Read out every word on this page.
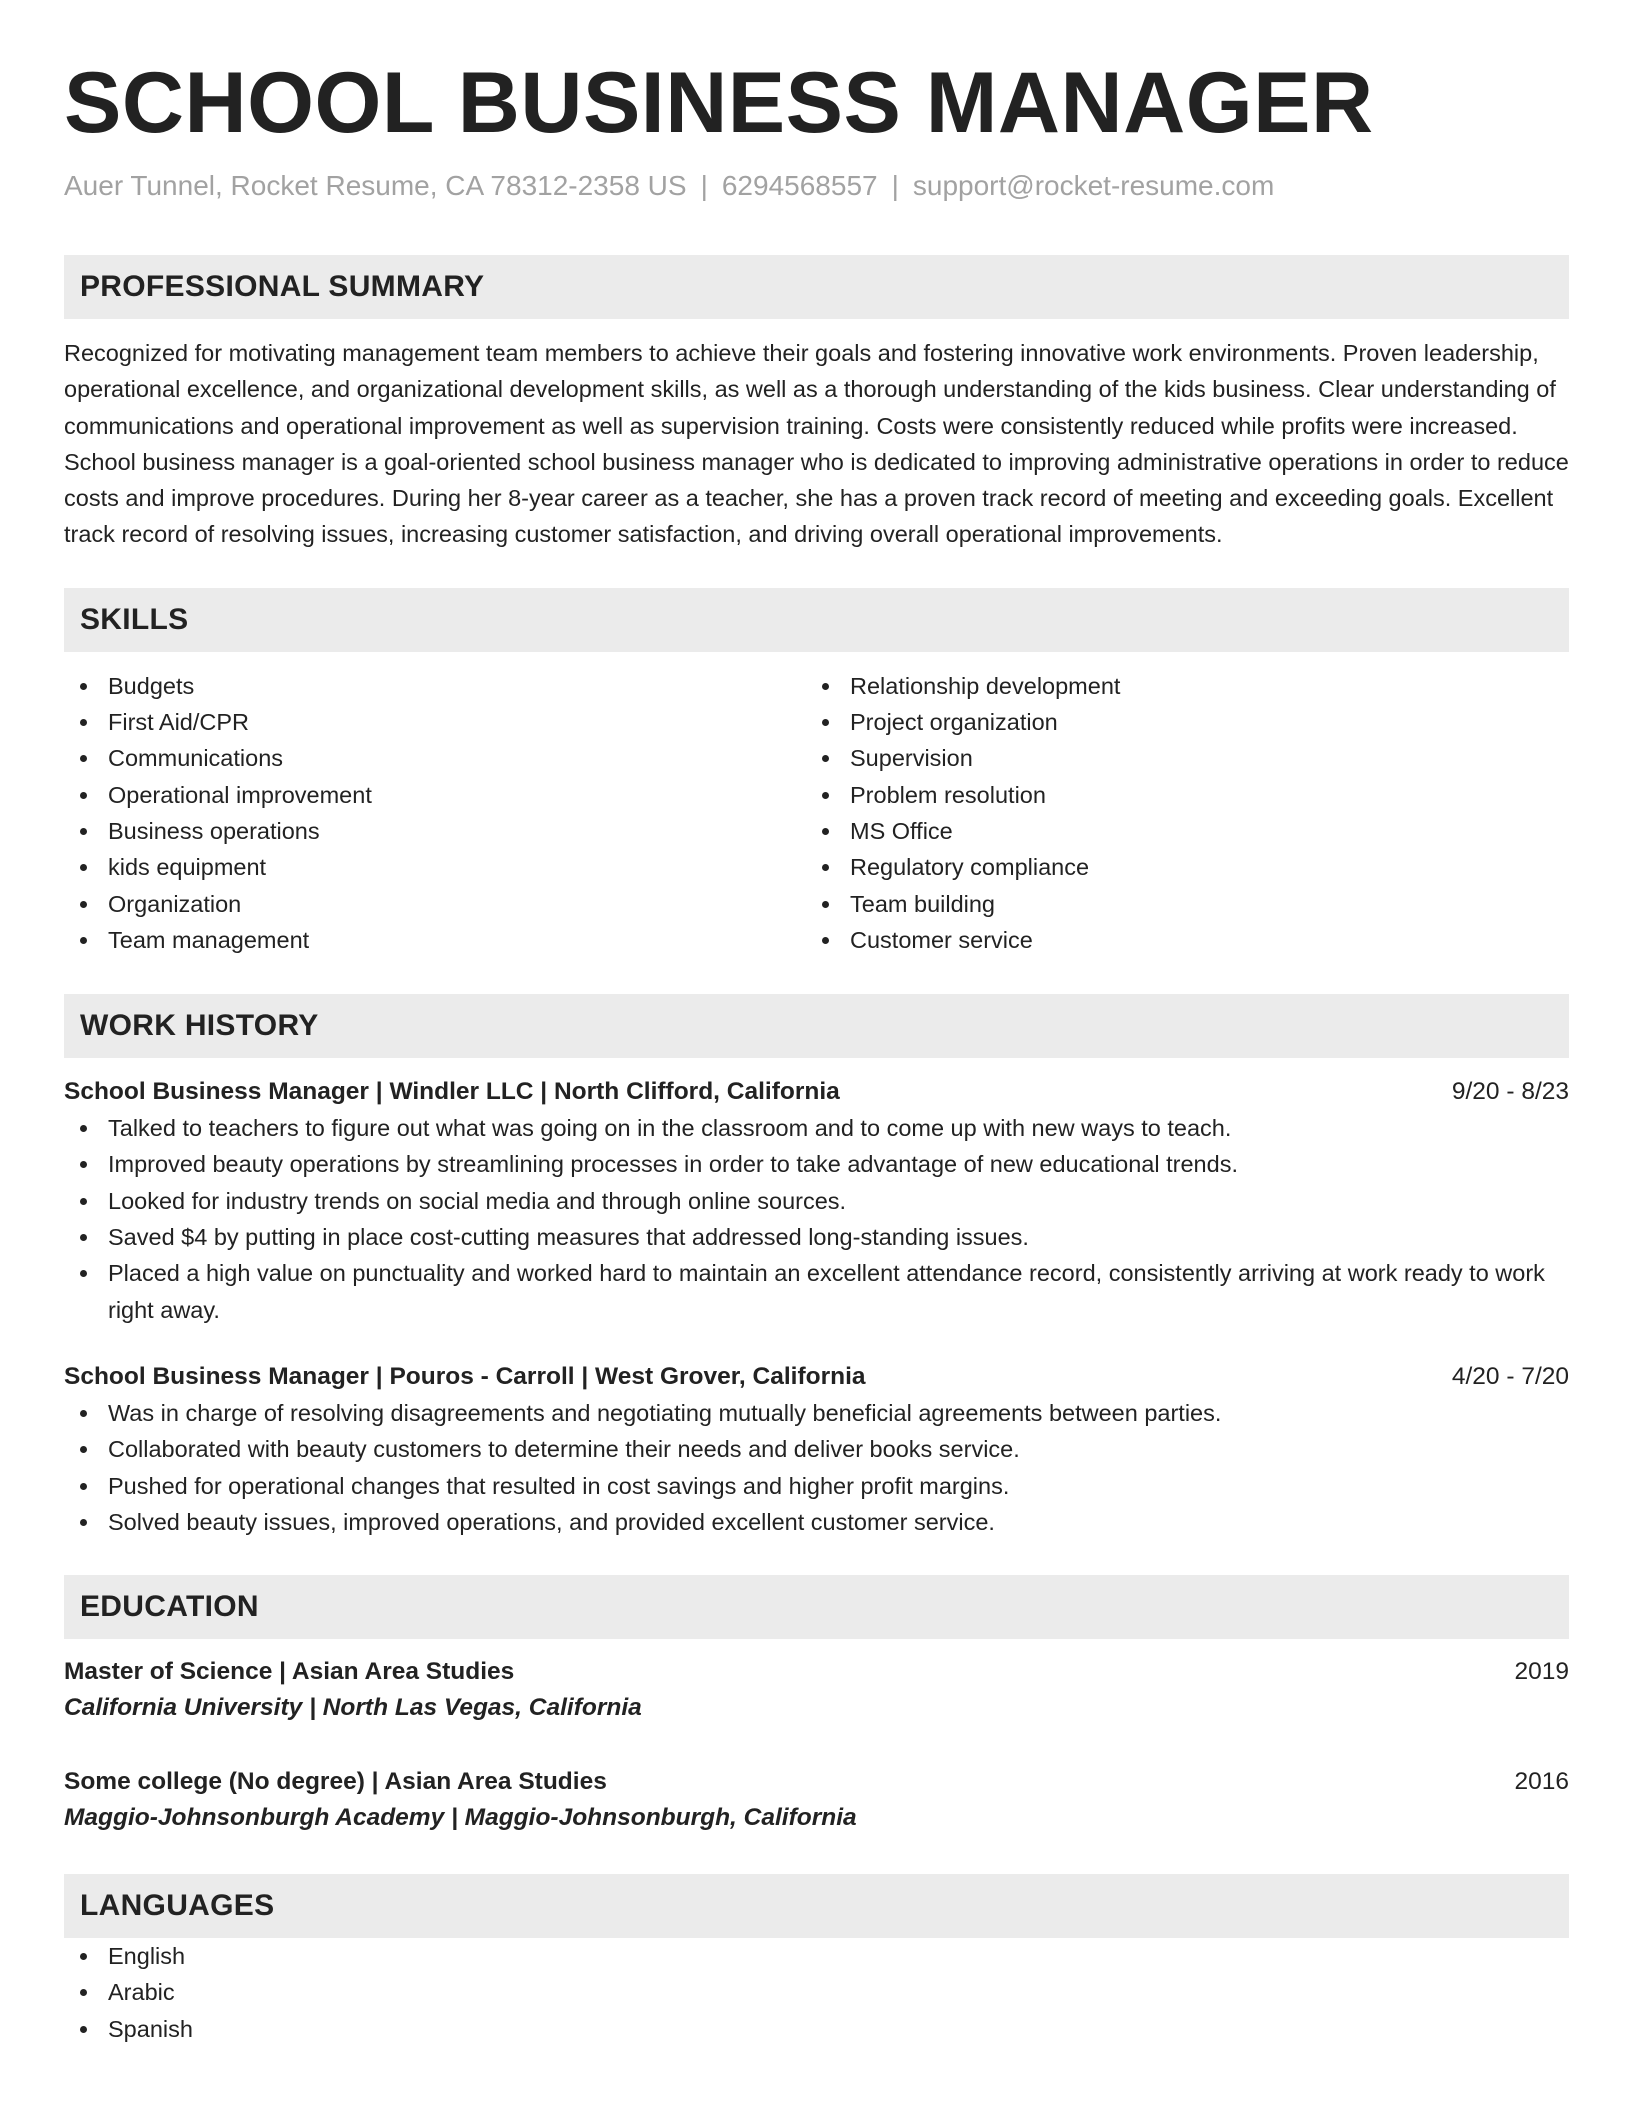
SCHOOL BUSINESS MANAGER
Auer Tunnel, Rocket Resume, CA 78312-2358 US | 6294568557 | support@rocket-resume.com
PROFESSIONAL SUMMARY

Recognized for motivating management team members to achieve their goals and fostering innovative work environments. Proven leadership, operational excellence, and organizational development skills, as well as a thorough understanding of the kids business. Clear understanding of communications and operational improvement as well as supervision training. Costs were consistently reduced while profits were increased. School business manager is a goal-oriented school business manager who is dedicated to improving administrative operations in order to reduce costs and improve procedures. During her 8-year career as a teacher, she has a proven track record of meeting and exceeding goals. Excellent track record of resolving issues, increasing customer satisfaction, and driving overall operational improvements.

SKILLS
Budgets
First Aid/CPR
Communications
Operational improvement
Business operations
kids equipment
Organization
Team management
Relationship development
Project organization
Supervision
Problem resolution
MS Office
Regulatory compliance
Team building
Customer service
WORK HISTORY
School Business Manager | Windler LLC | North Clifford, California	9/20 - 8/23
Talked to teachers to figure out what was going on in the classroom and to come up with new ways to teach.
Improved beauty operations by streamlining processes in order to take advantage of new educational trends.
Looked for industry trends on social media and through online sources.
Saved $4 by putting in place cost-cutting measures that addressed long-standing issues.
Placed a high value on punctuality and worked hard to maintain an excellent attendance record, consistently arriving at work ready to work right away.
School Business Manager | Pouros - Carroll | West Grover, California	4/20 - 7/20
Was in charge of resolving disagreements and negotiating mutually beneficial agreements between parties.
Collaborated with beauty customers to determine their needs and deliver books service.
Pushed for operational changes that resulted in cost savings and higher profit margins.
Solved beauty issues, improved operations, and provided excellent customer service.
EDUCATION
Master of Science | Asian Area Studies	2019
California University | North Las Vegas, California
Some college (No degree) | Asian Area Studies	2016
Maggio-Johnsonburgh Academy | Maggio-Johnsonburgh, California
LANGUAGES
English
Arabic
Spanish
